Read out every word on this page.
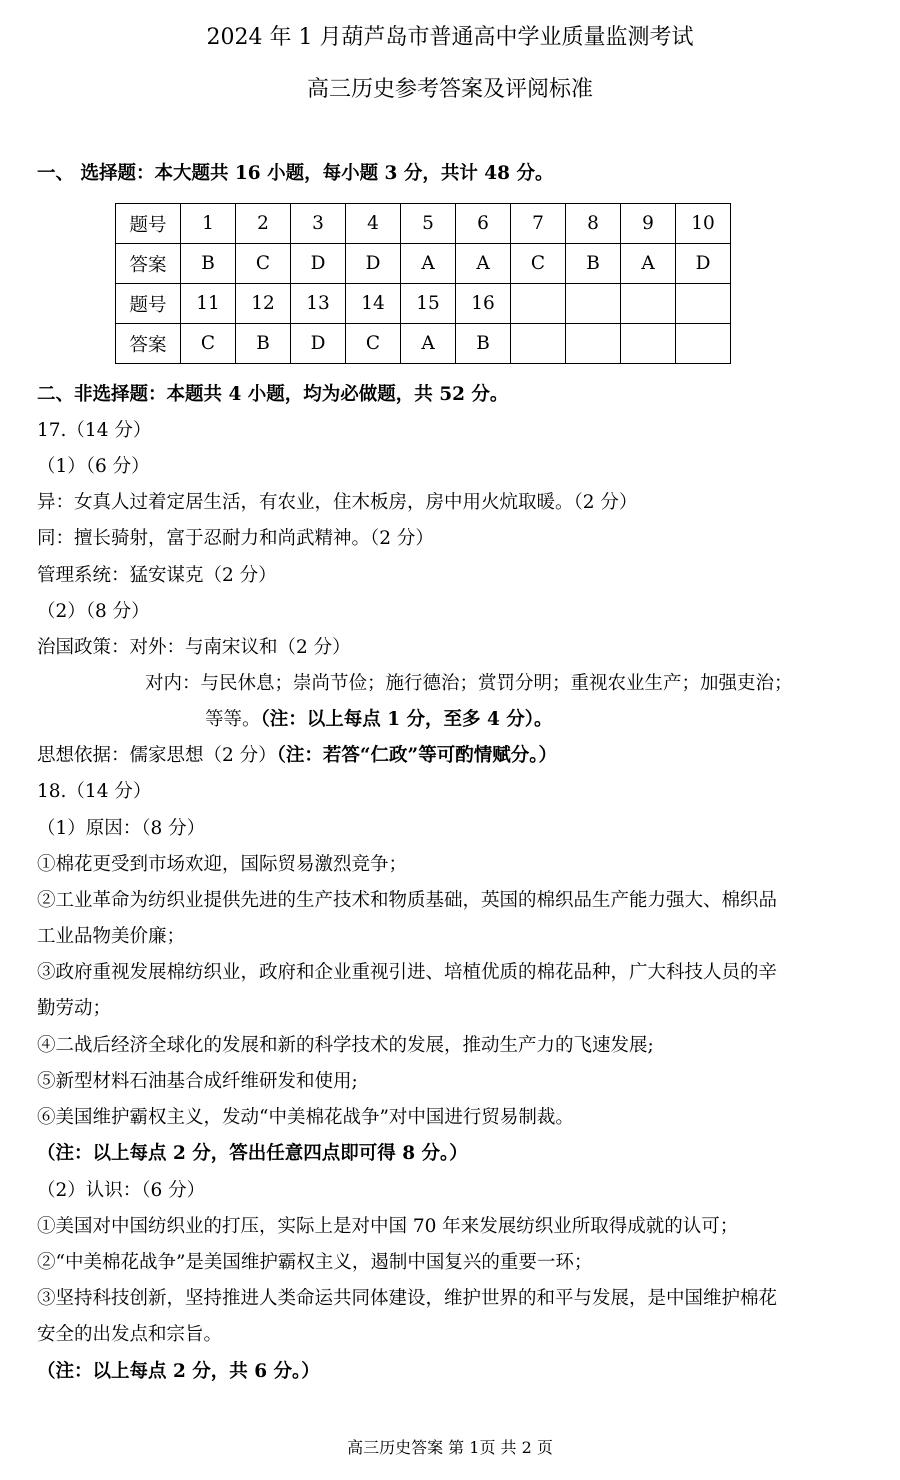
2024 年 1 月葫芦岛市普通高中学业质量监测考试
高三历史参考答案及评阅标准

一、 选择题：本大题共 16 小题，每小题 3 分，共计 48 分。

题号	1	2	3	4	5	6	7	8	9	10
答案	B	C	D	D	A	A	C	B	A	D
题号	11	12	13	14	15	16				
答案	C	B	D	C	A	B				

二、非选择题：本题共 4 小题，均为必做题，共 52 分。

17.（14 分）

（1）（6 分）

异：女真人过着定居生活，有农业，住木板房，房中用火炕取暖。（2 分）

同：擅长骑射，富于忍耐力和尚武精神。（2 分）

管理系统：猛安谋克（2 分）

（2）（8 分）

治国政策：对外：与南宋议和（2 分）

对内：与民休息；崇尚节俭；施行德治；赏罚分明；重视农业生产；加强吏治；

等等。（注：以上每点 1 分，至多 4 分）。

思想依据：儒家思想（2 分）（注：若答“仁政”等可酌情赋分。）

18.（14 分）

（1）原因：（8 分）

①棉花更受到市场欢迎，国际贸易激烈竞争；

②工业革命为纺织业提供先进的生产技术和物质基础，英国的棉织品生产能力强大、棉织品

工业品物美价廉；

③政府重视发展棉纺织业，政府和企业重视引进、培植优质的棉花品种，广大科技人员的辛

勤劳动；

④二战后经济全球化的发展和新的科学技术的发展，推动生产力的飞速发展;

⑤新型材料石油基合成纤维研发和使用;

⑥美国维护霸权主义，发动“中美棉花战争”对中国进行贸易制裁。

（注：以上每点 2 分，答出任意四点即可得 8 分。）

（2）认识：（6 分）

①美国对中国纺织业的打压，实际上是对中国 70 年来发展纺织业所取得成就的认可；

②“中美棉花战争”是美国维护霸权主义，遏制中国复兴的重要一环；

③坚持科技创新，坚持推进人类命运共同体建设，维护世界的和平与发展，是中国维护棉花

安全的出发点和宗旨。

（注：以上每点 2 分，共 6 分。）

高三历史答案 第 1页 共 2 页
